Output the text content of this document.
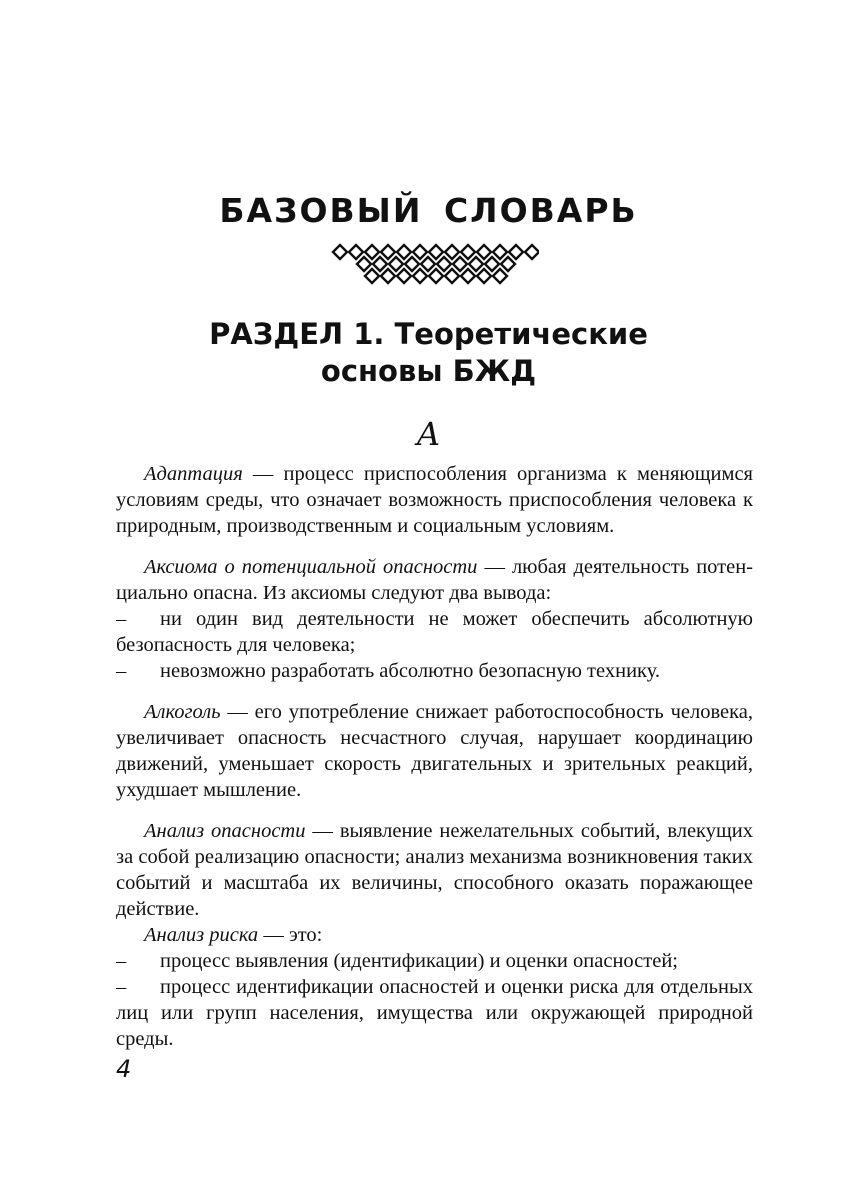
БАЗОВЫЙ СЛОВАРЬ
РАЗДЕЛ 1. Теоретические
основы БЖД
А

Адаптация — процесс приспособления организма к меняющимся условиям среды, что означает возможность приспособления человека к природным, производственным и социальным условиям.

Аксиома о потенциальной опасности — любая деятельность потенциально опасна. Из аксиомы следуют два вывода:

– ни один вид деятельности не может обеспечить абсолютную безопасность для человека;

– невозможно разработать абсолютно безопасную технику.

Алкоголь — его употребление снижает работоспособность человека, увеличивает опасность несчастного случая, нарушает координацию движений, уменьшает скорость двигательных и зрительных реакций, ухудшает мышление.

Анализ опасности — выявление нежелательных событий, влекущих за собой реализацию опасности; анализ механизма возникновения таких событий и масштаба их величины, способного оказать поражающее действие.

Анализ риска — это:

– процесс выявления (идентификации) и оценки опасностей;

– процесс идентификации опасностей и оценки риска для отдельных лиц или групп населения, имущества или окружающей природной среды.

4
